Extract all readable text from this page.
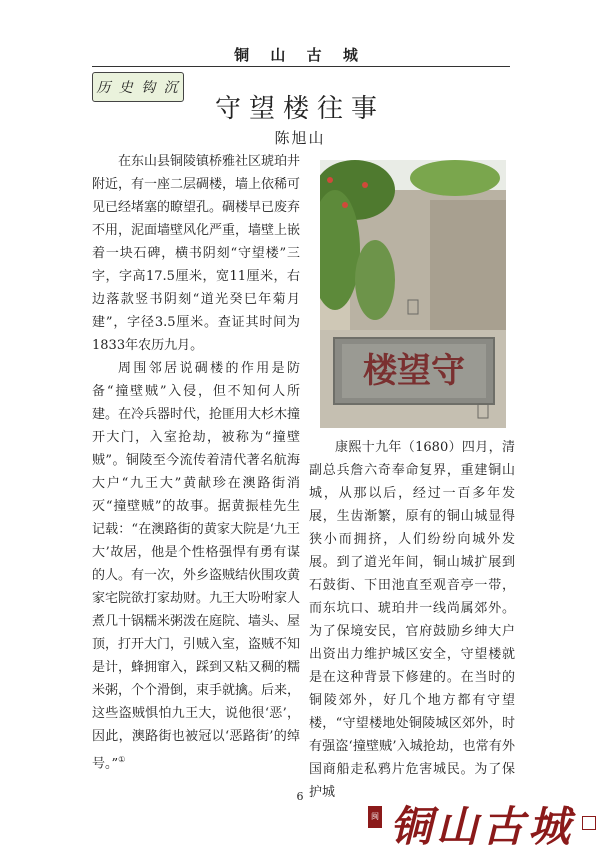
铜 山 古 城
历 史 钩 沉
守望楼往事
陈旭山

在东山县铜陵镇桥雅社区琥珀井附近，有一座二层碉楼，墙上依稀可见已经堵塞的瞭望孔。碉楼早已废弃不用，泥面墙壁风化严重，墙壁上嵌着一块石碑，横书阴刻“守望楼”三字，字高17.5厘米，宽11厘米，右边落款竖书阴刻“道光癸巳年菊月建”，字径3.5厘米。查证其时间为1833年农历九月。

周围邻居说碉楼的作用是防备“撞壁贼”入侵，但不知何人所建。在冷兵器时代，抢匪用大杉木撞开大门，入室抢劫，被称为“撞壁贼”。铜陵至今流传着清代著名航海大户“九王大”黄献珍在澳路街消灭“撞壁贼”的故事。据黄振桂先生记载：“在澳路街的黄家大院是‘九王大’故居，他是个性格强悍有勇有谋的人。有一次，外乡盗贼结伙围攻黄家宅院欲打家劫财。九王大吩咐家人煮几十锅糯米粥泼在庭院、墙头、屋顶，打开大门，引贼入室，盗贼不知是计，蜂拥窜入，踩到又粘又稠的糯米粥，个个滑倒，束手就擒。后来，这些盗贼惧怕九王大，说他很‘恶’，因此，澳路街也被冠以‘恶路街’的绰号。”①

楼望守

康熙十九年（1680）四月，清副总兵詹六奇奉命复界，重建铜山城，从那以后，经过一百多年发展，生齿渐繁，原有的铜山城显得狭小而拥挤，人们纷纷向城外发展。到了道光年间，铜山城扩展到石鼓街、下田池直至观音亭一带，而东坑口、琥珀井一线尚属郊外。为了保境安民，官府鼓励乡绅大户出资出力维护城区安全，守望楼就是在这种背景下修建的。在当时的铜陵郊外，好几个地方都有守望楼，“守望楼地处铜陵城区郊外，时有强盗‘撞壁贼’入城抢劫，也常有外国商船走私鸦片危害城民。为了保护城

6
闽 铜山古城
